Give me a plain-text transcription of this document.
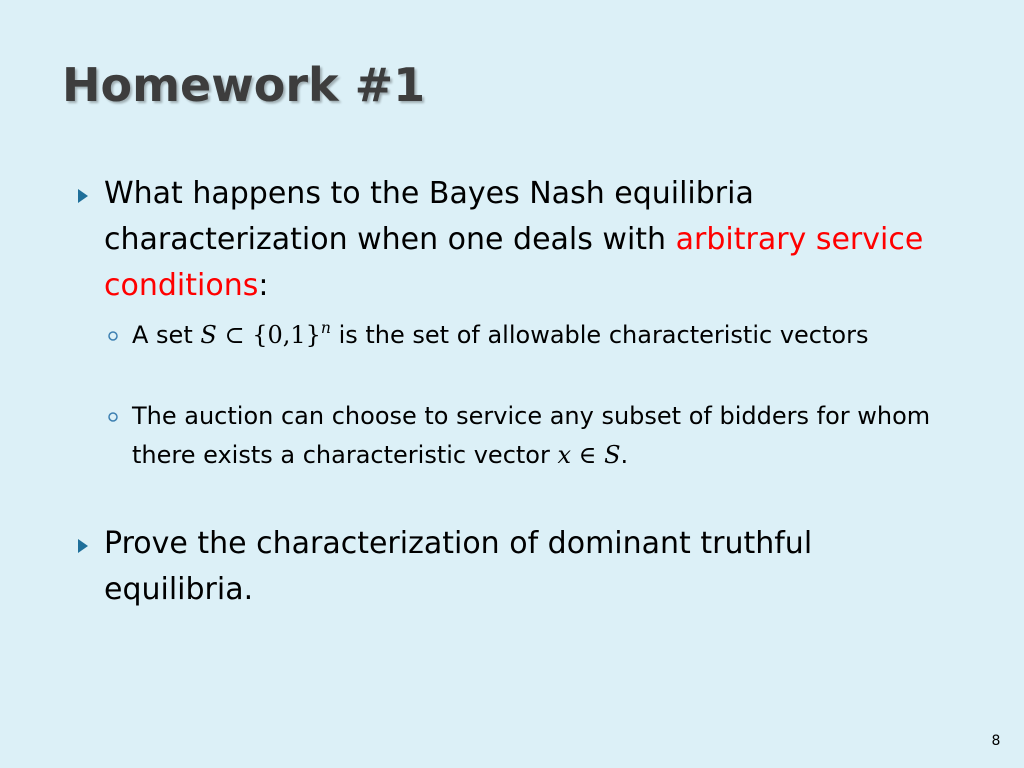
Homework #1
What happens to the Bayes Nash equilibria characterization when one deals with arbitrary service conditions:
A set S ⊂ $\{0,1\}^n$ is the set of allowable characteristic vectors
The auction can choose to service any subset of bidders for whom there exists a characteristic vector x ∈ S.
Prove the characterization of dominant truthful equilibria.
8
